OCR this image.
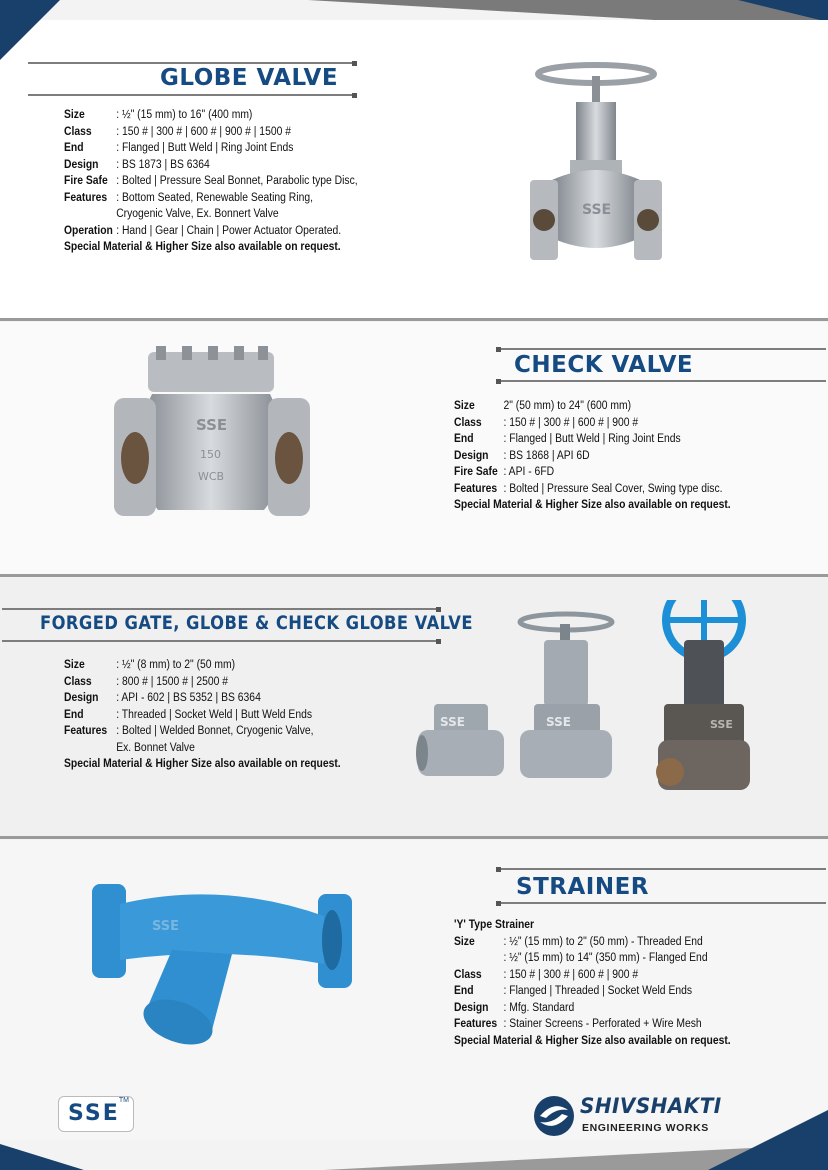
GLOBE VALVE
Size	: ½" (15 mm) to 16" (400 mm)
Class	: 150 # | 300 # | 600 # | 900 # | 1500 #
End	: Flanged | Butt Weld | Ring Joint Ends
Design	: BS 1873 | BS 6364
Fire Safe : Bolted | Pressure Seal Bonnet, Parabolic type Disc,
Features : Bottom Seated, Renewable Seating Ring,
Cryogenic Valve, Ex. Bonnert Valve
Operation : Hand | Gear | Chain | Power Actuator Operated.
Special Material & Higher Size also available on request.
SSE
CHECK VALVE
Size	2" (50 mm) to 24" (600 mm)
Class	: 150 # | 300 # | 600 # | 900 #
End	: Flanged | Butt Weld | Ring Joint Ends
Design	: BS 1868 | API 6D
Fire Safe : API - 6FD
Features : Bolted | Pressure Seal Cover, Swing type disc.
Special Material & Higher Size also available on request.
SSE
150
WCB
FORGED GATE, GLOBE & CHECK GLOBE VALVE
Size	: ½" (8 mm) to 2" (50 mm)
Class	: 800 # | 1500 # | 2500 #
Design	: API - 602 | BS 5352 | BS 6364
End	: Threaded | Socket Weld | Butt Weld Ends
Features : Bolted | Welded Bonnet, Cryogenic Valve,
Ex. Bonnet Valve
Special Material & Higher Size also available on request.
SSE	SSE	SSE
STRAINER
'Y' Type Strainer
Size	: ½" (15 mm) to 2" (50 mm) - Threaded End
: ½" (15 mm) to 14" (350 mm) - Flanged End
Class	: 150 # | 300 # | 600 # | 900 #
End	: Flanged | Threaded | Socket Weld Ends
Design	: Mfg. Standard
Features : Stainer Screens - Perforated + Wire Mesh
Special Material & Higher Size also available on request.
SSE
SSE
TM	SHIVSHAKTI
ENGINEERING WORKS
